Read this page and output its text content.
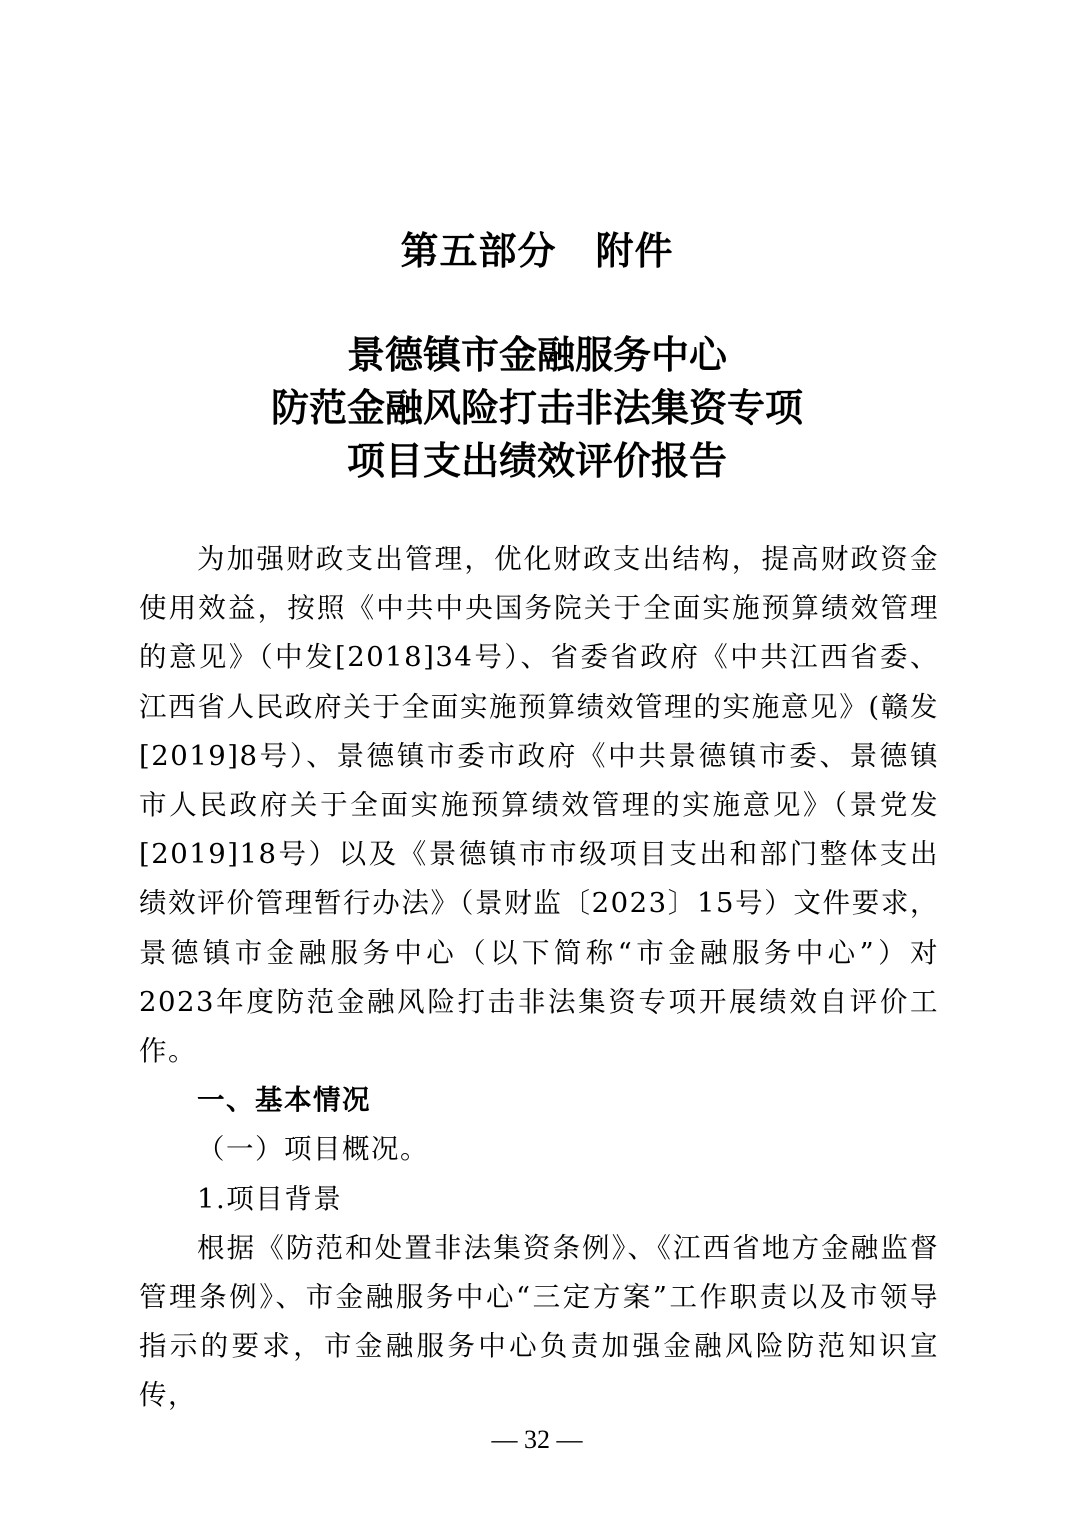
第五部分　附件
景德镇市金融服务中心
防范金融风险打击非法集资专项
项目支出绩效评价报告

为加强财政支出管理，优化财政支出结构，提高财政资金使用效益，按照《中共中央国务院关于全面实施预算绩效管理的意见》（中发[2018]34号）、省委省政府《中共江西省委、江西省人民政府关于全面实施预算绩效管理的实施意见》(赣发[2019]8号）、景德镇市委市政府《中共景德镇市委、景德镇市人民政府关于全面实施预算绩效管理的实施意见》（景党发[2019]18号）以及《景德镇市市级项目支出和部门整体支出绩效评价管理暂行办法》（景财监〔2023〕15号）文件要求，景德镇市金融服务中心（以下简称“市金融服务中心”）对2023年度防范金融风险打击非法集资专项开展绩效自评价工作。

一、基本情况

（一）项目概况。

1.项目背景

根据《防范和处置非法集资条例》、《江西省地方金融监督管理条例》、市金融服务中心“三定方案”工作职责以及市领导指示的要求，市金融服务中心负责加强金融风险防范知识宣传，

— 32 —
